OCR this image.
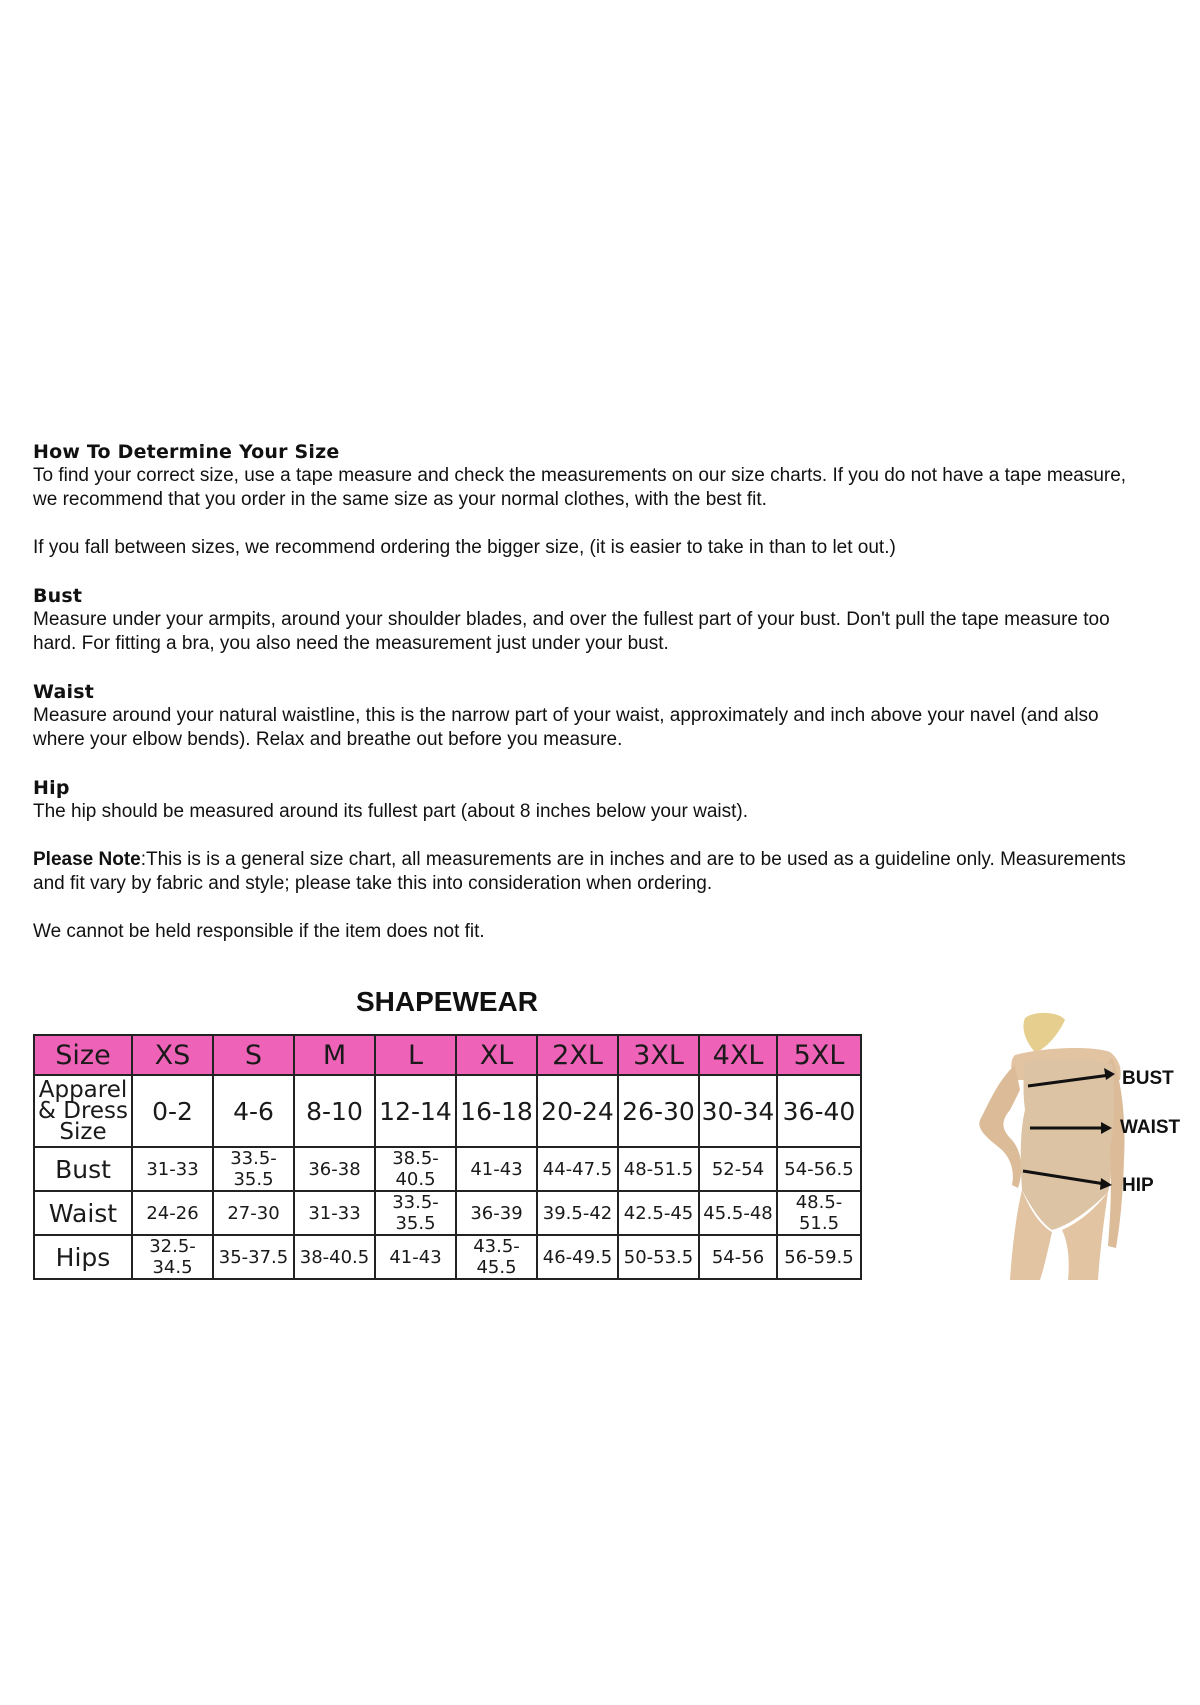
How To Determine Your Size

To find your correct size, use a tape measure and check the measurements on our size charts. If you do not have a tape measure, we recommend that you order in the same size as your normal clothes, with the best fit.

If you fall between sizes, we recommend ordering the bigger size, (it is easier to take in than to let out.)

Bust

Measure under your armpits, around your shoulder blades, and over the fullest part of your bust. Don't pull the tape measure too hard. For fitting a bra, you also need the measurement just under your bust.

Waist

Measure around your natural waistline, this is the narrow part of your waist, approximately and inch above your navel (and also where your elbow bends). Relax and breathe out before you measure.

Hip

The hip should be measured around its fullest part (about 8 inches below your waist).

Please Note:This is is a general size chart, all measurements are in inches and are to be used as a guideline only. Measurements and fit vary by fabric and style; please take this into consideration when ordering.

We cannot be held responsible if the item does not fit.

SHAPEWEAR
Size	XS	S	M	L	XL	2XL	3XL	4XL	5XL

Apparel
& Dress
Size	0-2	4-6	8-10	12-14	16-18	20-24	26-30	30-34	36-40
Bust	31-33	33.5-35.5	36-38	38.5-40.5	41-43	44-47.5	48-51.5	52-54	54-56.5
Waist	24-26	27-30	31-33	33.5-35.5	36-39	39.5-42	42.5-45	45.5-48	48.5-51.5
Hips	32.5-34.5	35-37.5	38-40.5	41-43	43.5-45.5	46-49.5	50-53.5	54-56	56-59.5
BUST
WAIST
HIP
